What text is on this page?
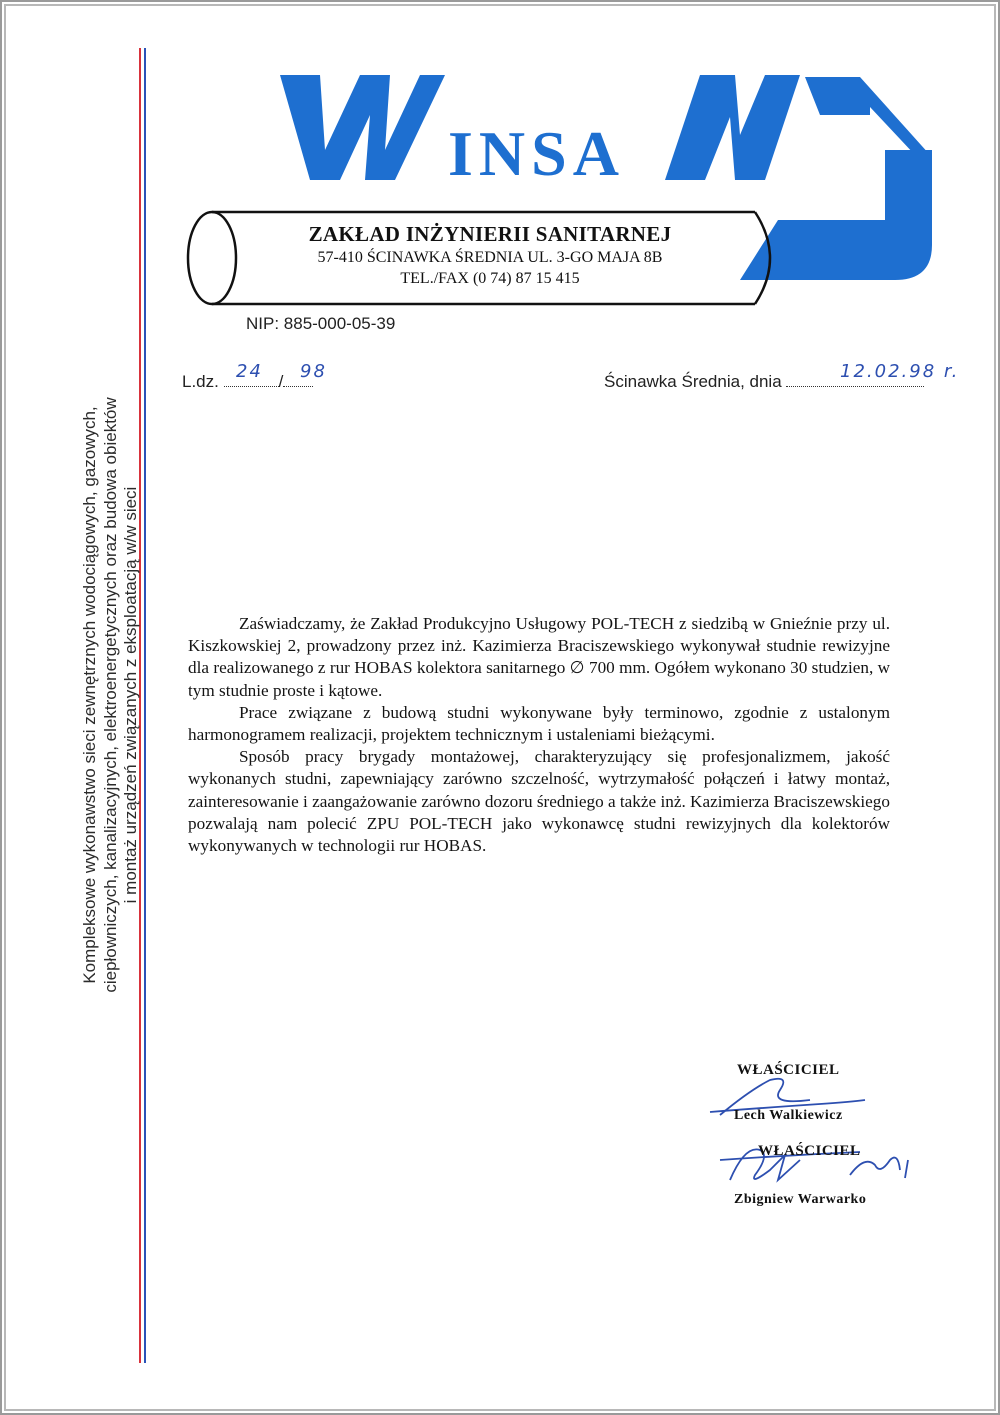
Kompleksowe wykonawstwo sieci zewnętrznych wodociągowych, gazowych, ciepłowniczych, kanalizacyjnych, elektroenergetycznych oraz budowa obiektów i montaż urządzeń związanych z eksploatacją w/w sieci
INSA
ZAKŁAD INŻYNIERII SANITARNEJ
57-410 ŚCINAWKA ŚREDNIA UL. 3-GO MAJA 8B
TEL./FAX (0 74) 87 15 415
NIP: 885-000-05-39
L.dz.	/
24 98	Ścinawka Średnia, dnia	12.02.98 r.

Zaświadczamy, że Zakład Produkcyjno Usługowy POL-TECH z siedzibą w Gnieźnie przy ul. Kiszkowskiej 2, prowadzony przez inż. Kazimierza Braciszewskiego wykonywał studnie rewizyjne dla realizowanego z rur HOBAS kolektora sanitarnego ∅ 700 mm. Ogółem wykonano 30 studzien, w tym studnie proste i kątowe.

Prace związane z budową studni wykonywane były terminowo, zgodnie z ustalonym harmonogramem realizacji, projektem technicznym i ustaleniami bieżącymi.

Sposób pracy brygady montażowej, charakteryzujący się profesjonalizmem, jakość wykonanych studni, zapewniający zarówno szczelność, wytrzymałość połączeń i łatwy montaż, zainteresowanie i zaangażowanie zarówno dozoru średniego a także inż. Kazimierza Braciszewskiego pozwalają nam polecić ZPU POL-TECH jako wykonawcę studni rewizyjnych dla kolektorów wykonywanych w technologii rur HOBAS.

WŁAŚCICIEL
Lech Walkiewicz
WŁAŚCICIEL
Zbigniew Warwarko
